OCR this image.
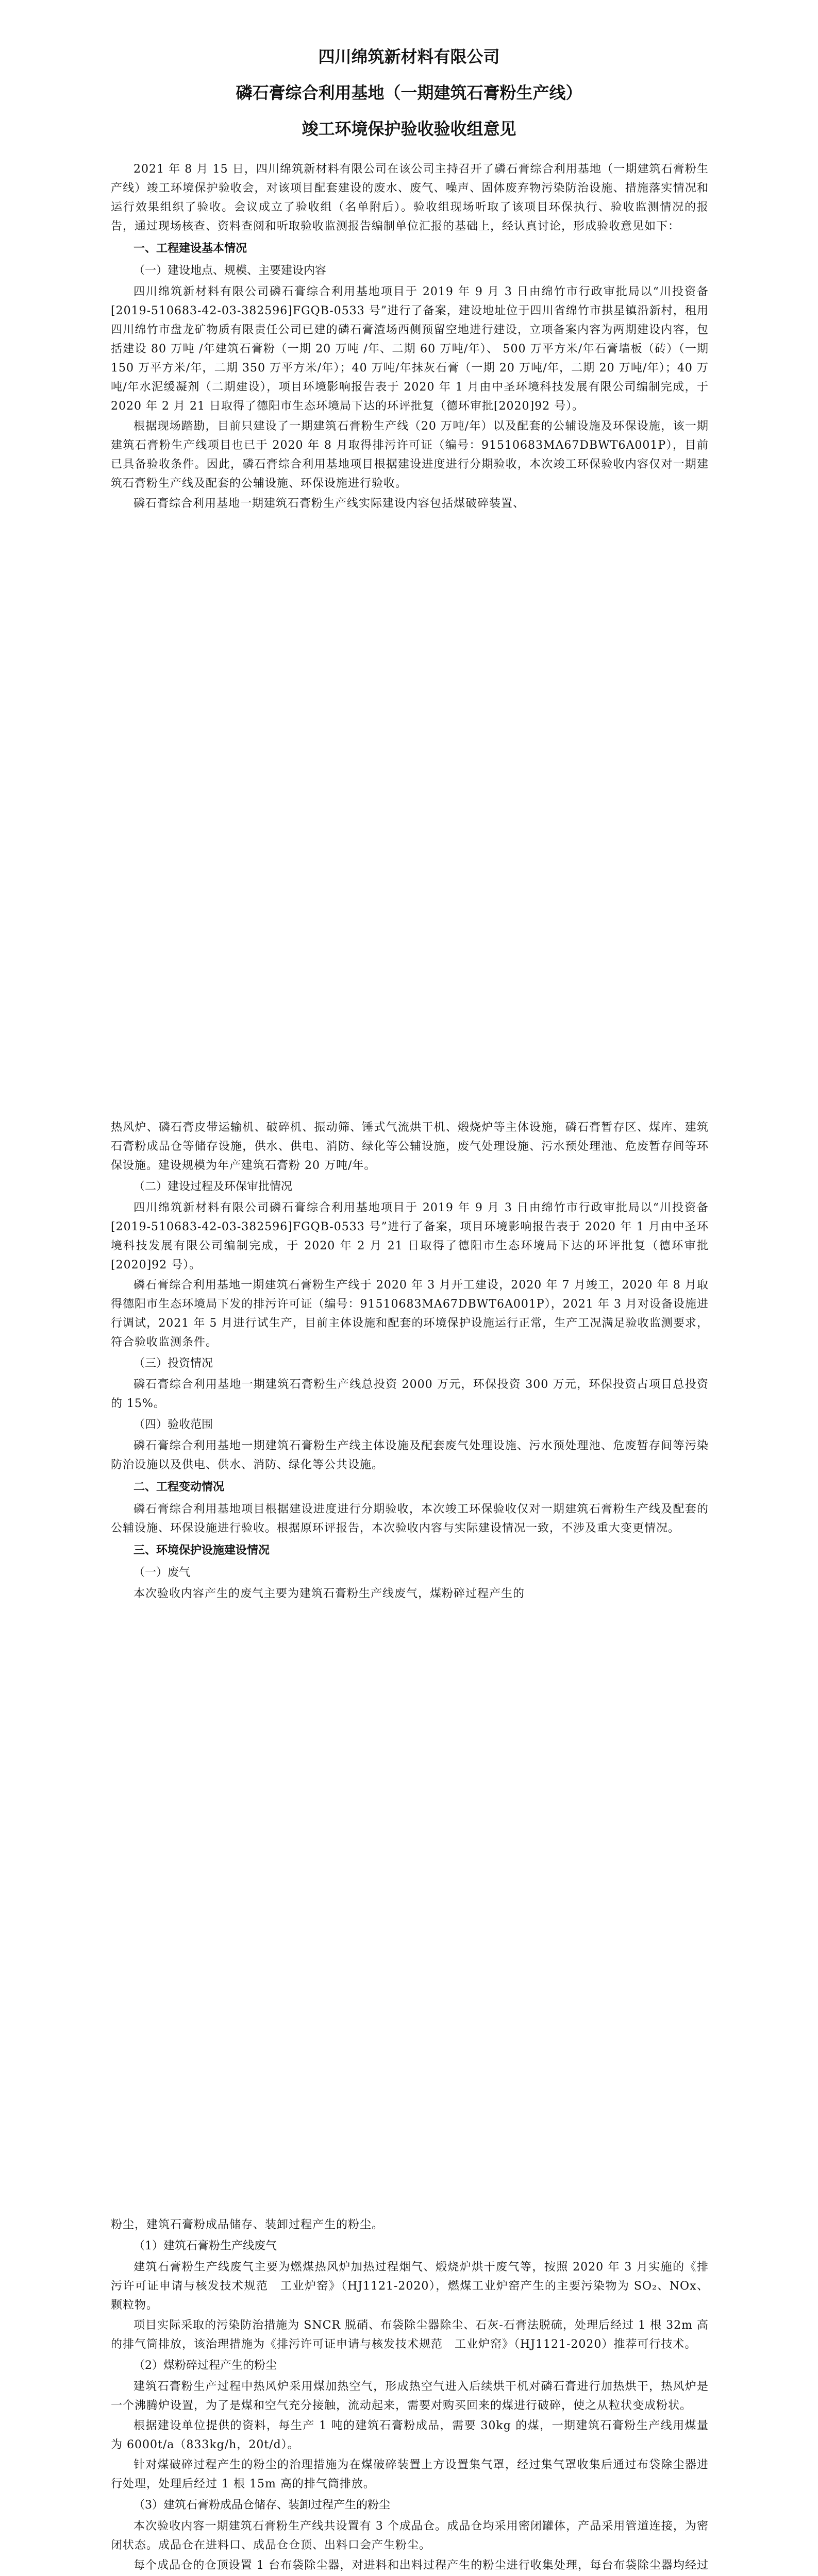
四川绵筑新材料有限公司
磷石膏综合利用基地（一期建筑石膏粉生产线）
竣工环境保护验收验收组意见

2021 年 8 月 15 日，四川绵筑新材料有限公司在该公司主持召开了磷石膏综合利用基地（一期建筑石膏粉生产线）竣工环境保护验收会，对该项目配套建设的废水、废气、噪声、固体废弃物污染防治设施、措施落实情况和运行效果组织了验收。会议成立了验收组（名单附后）。验收组现场听取了该项目环保执行、验收监测情况的报告，通过现场核查、资料查阅和听取验收监测报告编制单位汇报的基础上，经认真讨论，形成验收意见如下：

一、工程建设基本情况

（一）建设地点、规模、主要建设内容

四川绵筑新材料有限公司磷石膏综合利用基地项目于 2019 年 9 月 3 日由绵竹市行政审批局以“川投资备[2019-510683-42-03-382596]FGQB-0533 号”进行了备案，建设地址位于四川省绵竹市拱星镇沿新村，租用四川绵竹市盘龙矿物质有限责任公司已建的磷石膏渣场西侧预留空地进行建设，立项备案内容为两期建设内容，包括建设 80 万吨 /年建筑石膏粉（一期 20 万吨 /年、二期 60 万吨/年）、 500 万平方米/年石膏墙板（砖）（一期 150 万平方米/年，二期 350 万平方米/年）；40 万吨/年抹灰石膏（一期 20 万吨/年，二期 20 万吨/年）；40 万吨/年水泥缓凝剂（二期建设），项目环境影响报告表于 2020 年 1 月由中圣环境科技发展有限公司编制完成，于 2020 年 2 月 21 日取得了德阳市生态环境局下达的环评批复（德环审批[2020]92 号）。

根据现场踏勘，目前只建设了一期建筑石膏粉生产线（20 万吨/年）以及配套的公辅设施及环保设施，该一期建筑石膏粉生产线项目也已于 2020 年 8 月取得排污许可证（编号：91510683MA67DBWT6A001P），目前已具备验收条件。因此，磷石膏综合利用基地项目根据建设进度进行分期验收，本次竣工环保验收内容仅对一期建筑石膏粉生产线及配套的公辅设施、环保设施进行验收。

磷石膏综合利用基地一期建筑石膏粉生产线实际建设内容包括煤破碎装置、

热风炉、磷石膏皮带运输机、破碎机、振动筛、锤式气流烘干机、煅烧炉等主体设施，磷石膏暂存区、煤库、建筑石膏粉成品仓等储存设施，供水、供电、消防、绿化等公辅设施，废气处理设施、污水预处理池、危废暂存间等环保设施。建设规模为年产建筑石膏粉 20 万吨/年。

（二）建设过程及环保审批情况

四川绵筑新材料有限公司磷石膏综合利用基地项目于 2019 年 9 月 3 日由绵竹市行政审批局以“川投资备[2019-510683-42-03-382596]FGQB-0533 号”进行了备案，项目环境影响报告表于 2020 年 1 月由中圣环境科技发展有限公司编制完成，于 2020 年 2 月 21 日取得了德阳市生态环境局下达的环评批复（德环审批[2020]92 号）。

磷石膏综合利用基地一期建筑石膏粉生产线于 2020 年 3 月开工建设，2020 年 7 月竣工，2020 年 8 月取得德阳市生态环境局下发的排污许可证（编号：91510683MA67DBWT6A001P），2021 年 3 月对设备设施进行调试，2021 年 5 月进行试生产，目前主体设施和配套的环境保护设施运行正常，生产工况满足验收监测要求，符合验收监测条件。

（三）投资情况

磷石膏综合利用基地一期建筑石膏粉生产线总投资 2000 万元，环保投资 300 万元，环保投资占项目总投资的 15%。

（四）验收范围

磷石膏综合利用基地一期建筑石膏粉生产线主体设施及配套废气处理设施、污水预处理池、危废暂存间等污染防治设施以及供电、供水、消防、绿化等公共设施。

二、工程变动情况

磷石膏综合利用基地项目根据建设进度进行分期验收，本次竣工环保验收仅对一期建筑石膏粉生产线及配套的公辅设施、环保设施进行验收。根据原环评报告，本次验收内容与实际建设情况一致，不涉及重大变更情况。

三、环境保护设施建设情况

（一）废气

本次验收内容产生的废气主要为建筑石膏粉生产线废气，煤粉碎过程产生的

粉尘，建筑石膏粉成品储存、装卸过程产生的粉尘。

（1）建筑石膏粉生产线废气

建筑石膏粉生产线废气主要为燃煤热风炉加热过程烟气、煅烧炉烘干废气等，按照 2020 年 3 月实施的《排污许可证申请与核发技术规范　工业炉窑》（HJ1121-2020），燃煤工业炉窑产生的主要污染物为 SO₂、NOx、颗粒物。

项目实际采取的污染防治措施为 SNCR 脱硝、布袋除尘器除尘、石灰-石膏法脱硫，处理后经过 1 根 32m 高的排气筒排放，该治理措施为《排污许可证申请与核发技术规范　工业炉窑》（HJ1121-2020）推荐可行技术。

（2）煤粉碎过程产生的粉尘

建筑石膏粉生产过程中热风炉采用煤加热空气，形成热空气进入后续烘干机对磷石膏进行加热烘干，热风炉是一个沸腾炉设置，为了是煤和空气充分接触，流动起来，需要对购买回来的煤进行破碎，使之从粒状变成粉状。

根据建设单位提供的资料，每生产 1 吨的建筑石膏粉成品，需要 30kg 的煤，一期建筑石膏粉生产线用煤量为 6000t/a（833kg/h，20t/d）。

针对煤破碎过程产生的粉尘的治理措施为在煤破碎装置上方设置集气罩，经过集气罩收集后通过布袋除尘器进行处理，处理后经过 1 根 15m 高的排气筒排放。

（3）建筑石膏粉成品仓储存、装卸过程产生的粉尘

本次验收内容一期建筑石膏粉生产线共设置有 3 个成品仓。成品仓均采用密闭罐体，产品采用管道连接，为密闭状态。成品仓在进料口、成品仓仓顶、出料口会产生粉尘。

每个成品仓的仓顶设置 1 台布袋除尘器，对进料和出料过程产生的粉尘进行收集处理，每台布袋除尘器均经过
